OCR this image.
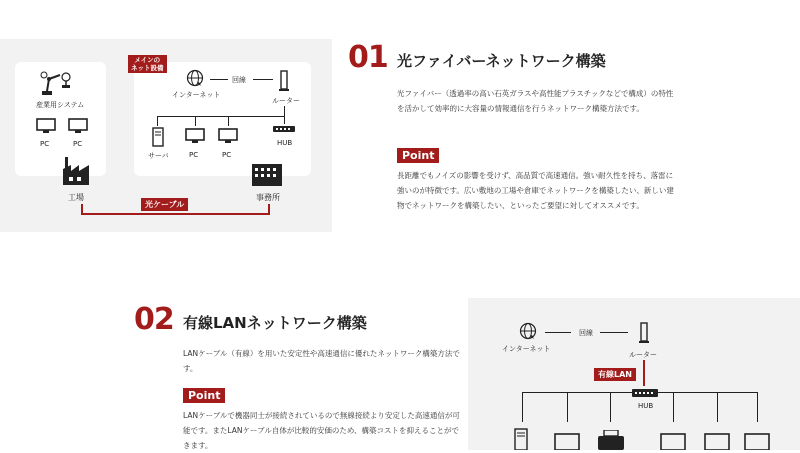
産業用システム
PC	PC
工場
メインの
ネット設備
インターネット
回線
ルーター
HUB
サーバ	PC	PC
事務所
光ケーブル
01 光ファイバーネットワーク構築
光ファイバー（透過率の高い石英ガラスや高性能プラスチックなどで構成）の特性を活かして効率的に大容量の情報通信を行うネットワーク構築方法です。
Point
長距離でもノイズの影響を受けず、高品質で高速通信。強い耐久性を持ち、落雷に強いのが特徴です。広い敷地の工場や倉庫でネットワークを構築したい、新しい建物でネットワークを構築したい、といったご要望に対してオススメです。
02 有線LANネットワーク構築
LANケーブル（有線）を用いた安定性や高速通信に優れたネットワーク構築方法です。
Point
LANケーブルで機器同士が接続されているので無線接続より安定した高速通信が可能です。またLANケーブル自体が比較的安価のため、構築コストを抑えることができます。
インターネット
回線
ルーター
有線LAN
HUB
